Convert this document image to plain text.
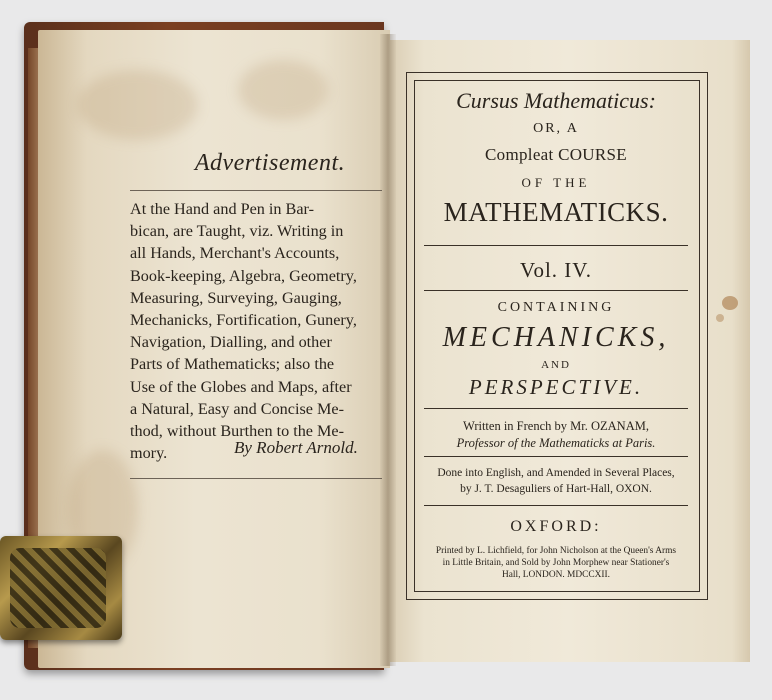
Advertisement.
At the Hand and Pen in Bar-
bican, are Taught, viz. Writing in
all Hands, Merchant's Accounts,
Book-keeping, Algebra, Geometry,
Measuring, Surveying, Gauging,
Mechanicks, Fortification, Gunery,
Navigation, Dialling, and other
Parts of Mathematicks; also the
Use of the Globes and Maps, after
a Natural, Easy and Concise Me-
thod, without Burthen to the Me-
mory.	By Robert Arnold.
Cursus Mathematicus:
OR, A
Compleat COURSE
OF THE
MATHEMATICKS.
Vol. IV.
CONTAINING
MECHANICKS,
AND
PERSPECTIVE.
Written in French by Mr. OZANAM,
Professor of the Mathematicks at Paris.
Done into English, and Amended in Several Places,
by J. T. Desaguliers of Hart-Hall, OXON.
OXFORD:
Printed by L. Lichfield, for John Nicholson at the Queen's Arms
in Little Britain, and Sold by John Morphew near Stationer's
Hall, LONDON. MDCCXII.
